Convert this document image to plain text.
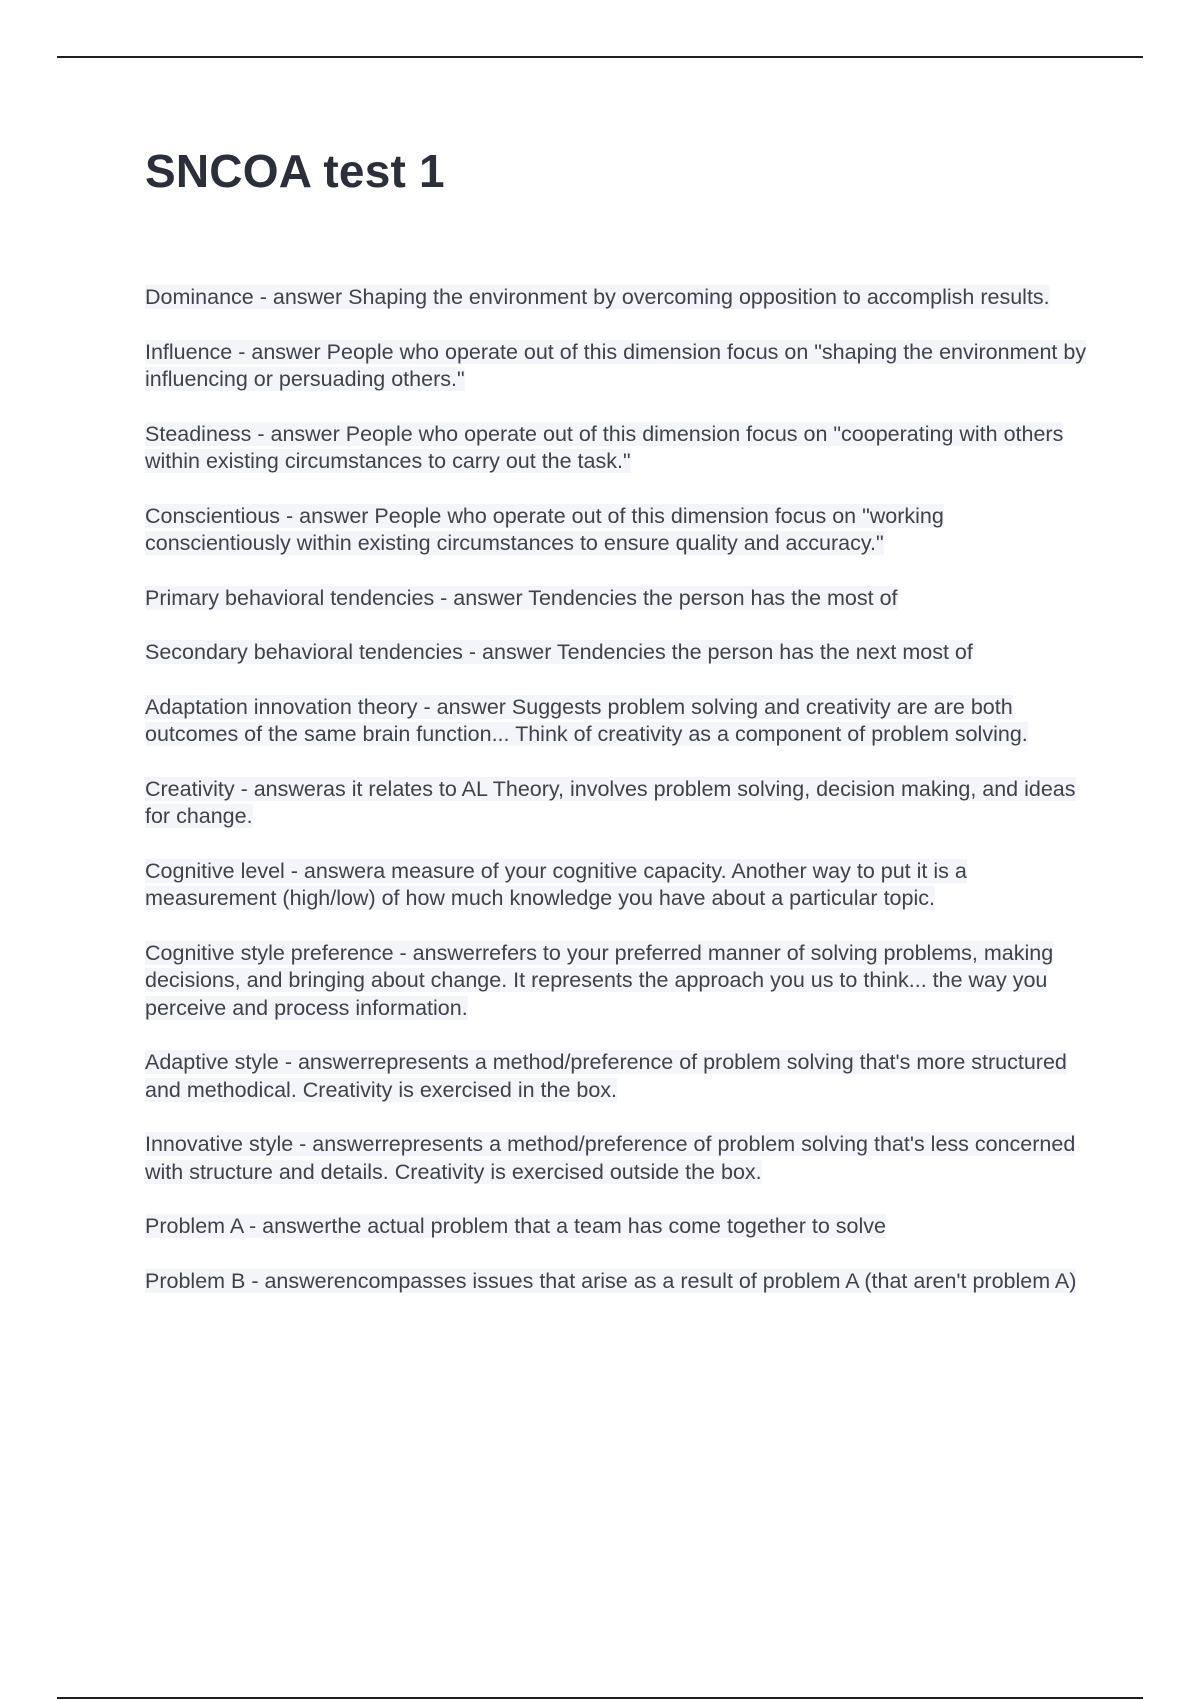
SNCOA test 1

Dominance - answer Shaping the environment by overcoming opposition to accomplish results.

Influence - answer People who operate out of this dimension focus on "shaping the environment by influencing or persuading others."

Steadiness - answer People who operate out of this dimension focus on "cooperating with others within existing circumstances to carry out the task."

Conscientious - answer People who operate out of this dimension focus on "working conscientiously within existing circumstances to ensure quality and accuracy."

Primary behavioral tendencies - answer Tendencies the person has the most of

Secondary behavioral tendencies - answer Tendencies the person has the next most of

Adaptation innovation theory - answer Suggests problem solving and creativity are are both outcomes of the same brain function... Think of creativity as a component of problem solving.

Creativity - answeras it relates to AL Theory, involves problem solving, decision making, and ideas for change.

Cognitive level - answera measure of your cognitive capacity. Another way to put it is a measurement (high/low) of how much knowledge you have about a particular topic.

Cognitive style preference - answerrefers to your preferred manner of solving problems, making decisions, and bringing about change. It represents the approach you us to think... the way you perceive and process information.

Adaptive style - answerrepresents a method/preference of problem solving that's more structured and methodical. Creativity is exercised in the box.

Innovative style - answerrepresents a method/preference of problem solving that's less concerned with structure and details. Creativity is exercised outside the box.

Problem A - answerthe actual problem that a team has come together to solve

Problem B - answerencompasses issues that arise as a result of problem A (that aren't problem A)
